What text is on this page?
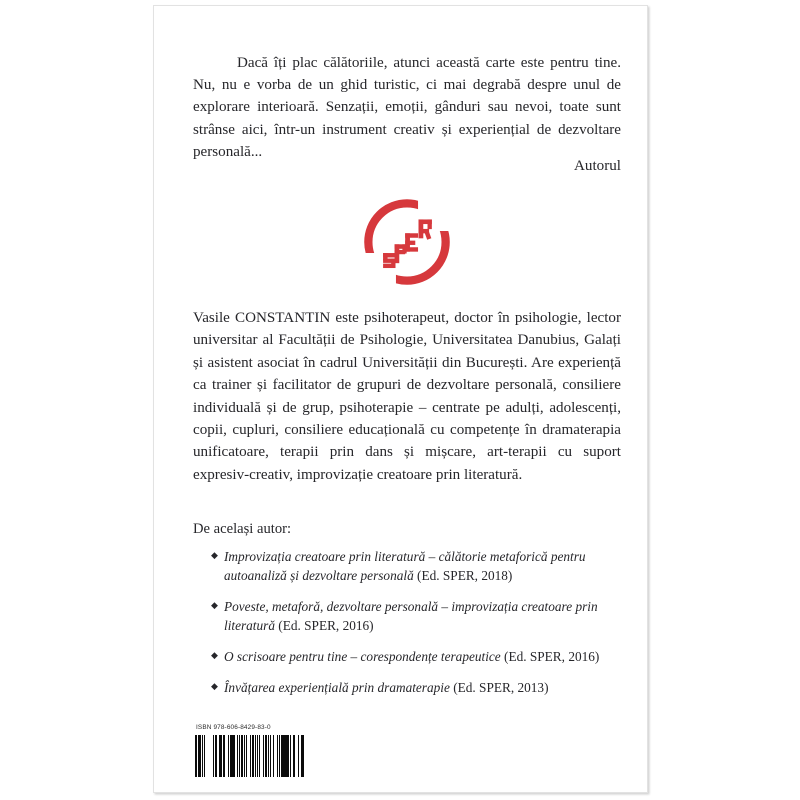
Dacă îți plac călătoriile, atunci această carte este pentru tine. Nu, nu e vorba de un ghid turistic, ci mai degrabă despre unul de explorare interioară. Senzații, emoții, gânduri sau nevoi, toate sunt strânse aici, într-un instrument creativ și experiențial de dezvoltare personală...
Autorul
Vasile CONSTANTIN este psihoterapeut, doctor în psihologie, lector universitar al Facultății de Psihologie, Universitatea Danubius, Galați și asistent asociat în cadrul Universității din București. Are experiență ca trainer și facilitator de grupuri de dezvoltare personală, consiliere individuală și de grup, psihoterapie – centrate pe adulți, adolescenți, copii, cupluri, consiliere educațională cu competențe în dramaterapia unificatoare, terapii prin dans și mișcare, art-terapii cu suport expresiv-creativ, improvizație creatoare prin literatură.
De același autor:
◆ Improvizația creatoare prin literatură – călătorie metaforică pentru autoanaliză și dezvoltare personală (Ed. SPER, 2018)
◆ Poveste, metaforă, dezvoltare personală – improvizația creatoare prin literatură (Ed. SPER, 2016)
◆ O scrisoare pentru tine – corespondențe terapeutice (Ed. SPER, 2016)
◆ Învățarea experiențială prin dramaterapie (Ed. SPER, 2013)
ISBN 978-606-8429-83-0
